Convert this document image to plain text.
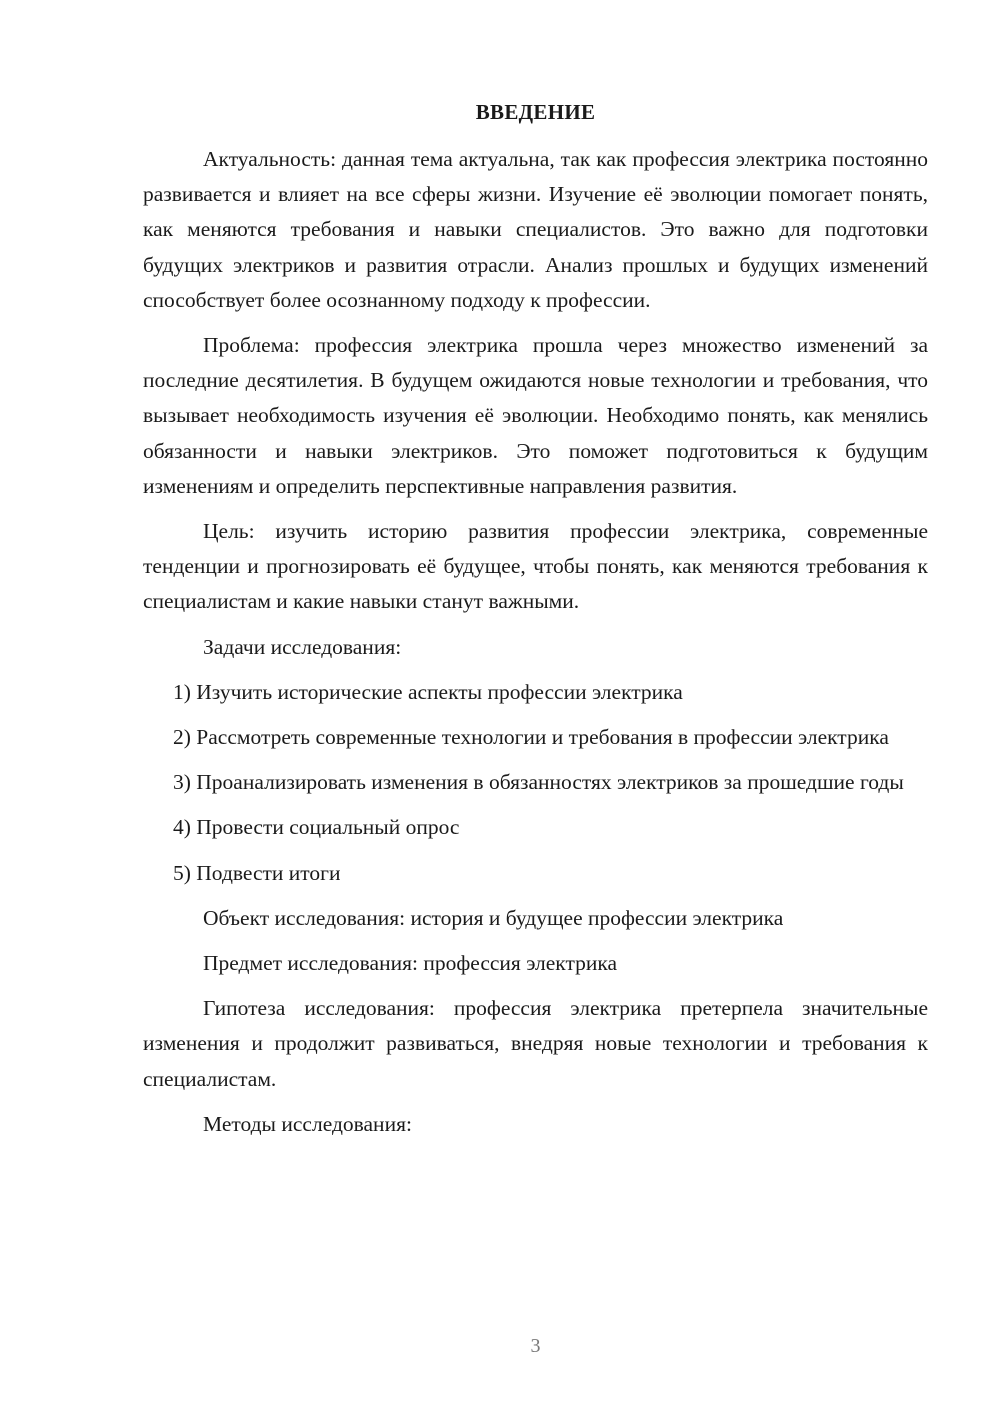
ВВЕДЕНИЕ

Актуальность: данная тема актуальна, так как профессия электрика постоянно развивается и влияет на все сферы жизни. Изучение её эволюции помогает понять, как меняются требования и навыки специалистов. Это важно для подготовки будущих электриков и развития отрасли. Анализ прошлых и будущих изменений способствует более осознанному подходу к профессии.

Проблема: профессия электрика прошла через множество изменений за последние десятилетия. В будущем ожидаются новые технологии и требования, что вызывает необходимость изучения её эволюции. Необходимо понять, как менялись обязанности и навыки электриков. Это поможет подготовиться к будущим изменениям и определить перспективные направления развития.

Цель: изучить историю развития профессии электрика, современные тенденции и прогнозировать её будущее, чтобы понять, как меняются требования к специалистам и какие навыки станут важными.

Задачи исследования:

1) Изучить исторические аспекты профессии электрика

2) Рассмотреть современные технологии и требования в профессии электрика

3) Проанализировать изменения в обязанностях электриков за прошедшие годы

4) Провести социальный опрос

5) Подвести итоги

Объект исследования: история и будущее профессии электрика

Предмет исследования: профессия электрика

Гипотеза исследования: профессия электрика претерпела значительные изменения и продолжит развиваться, внедряя новые технологии и требования к специалистам.

Методы исследования:

3
